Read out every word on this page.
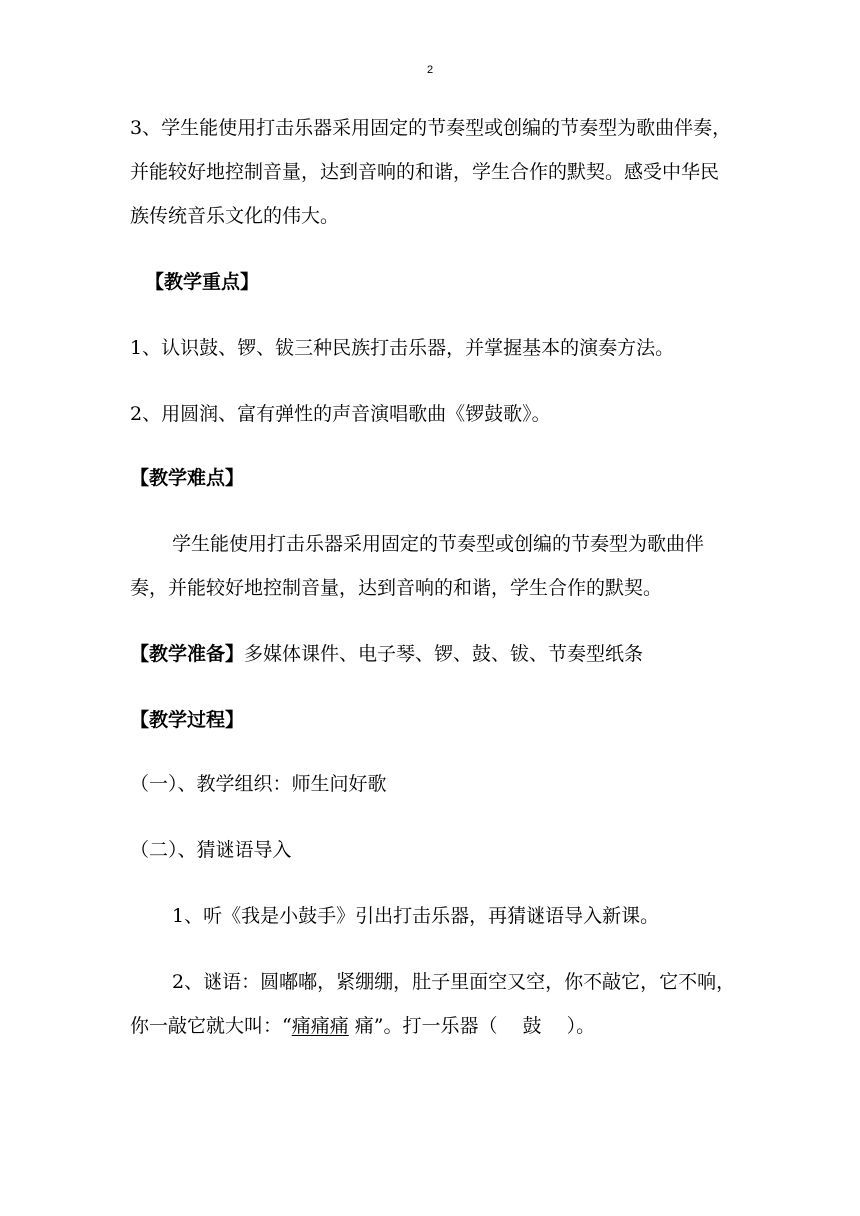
2
3、学生能使用打击乐器采用固定的节奏型或创编的节奏型为歌曲伴奏，
并能较好地控制音量，达到音响的和谐，学生合作的默契。感受中华民
族传统音乐文化的伟大。
【教学重点】
1、认识鼓、锣、钹三种民族打击乐器，并掌握基本的演奏方法。
2、用圆润、富有弹性的声音演唱歌曲《锣鼓歌》。
【教学难点】
学生能使用打击乐器采用固定的节奏型或创编的节奏型为歌曲伴
奏，并能较好地控制音量，达到音响的和谐，学生合作的默契。
【教学准备】多媒体课件、电子琴、锣、鼓、钹、节奏型纸条
【教学过程】
（一）、教学组织：师生问好歌
（二）、猜谜语导入
1、听《我是小鼓手》引出打击乐器，再猜谜语导入新课。
2、谜语：圆嘟嘟，紧绷绷，肚子里面空又空，你不敲它，它不响，
你一敲它就大叫：“痛痛痛 痛”。打一乐器（　 鼓 　）。
